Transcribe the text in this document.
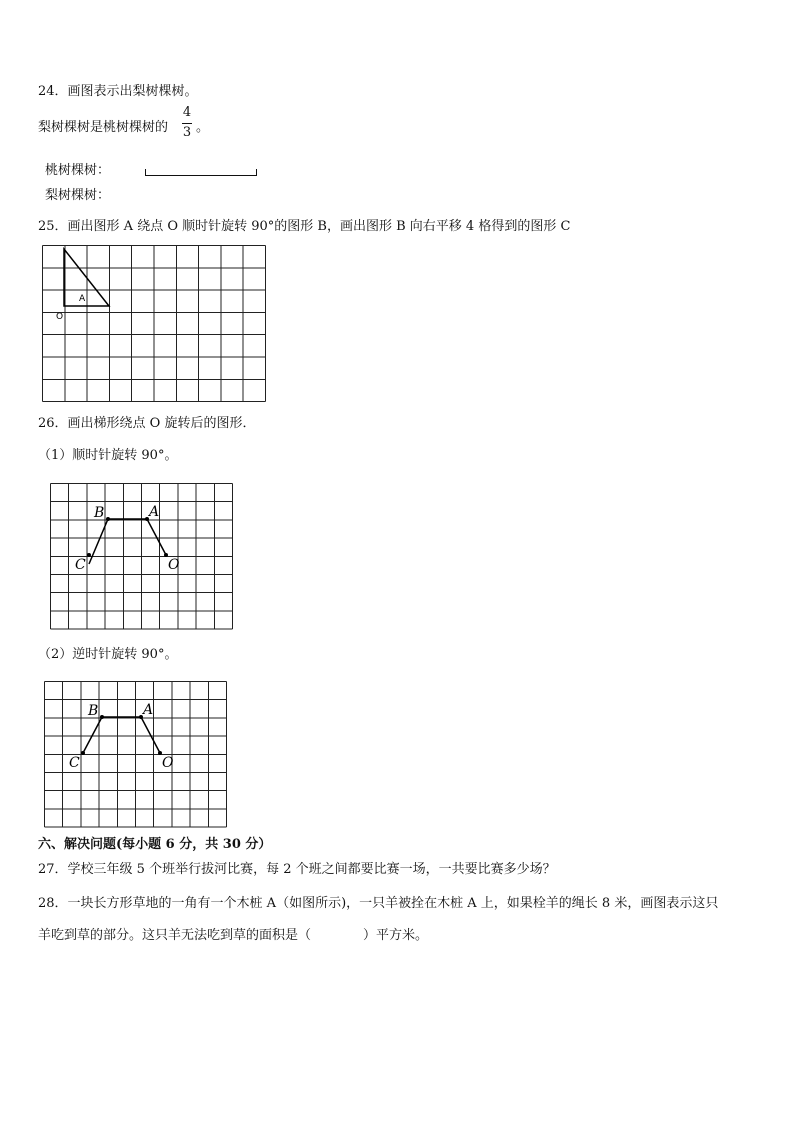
24．画图表示出梨树棵树。
梨树棵树是桃树棵树的
4
3 。
桃树棵树：
梨树棵树：
25．画出图形 A 绕点 O 顺时针旋转 90°的图形 B，画出图形 B 向右平移 4 格得到的图形 C
A
O
26．画出梯形绕点 O 旋转后的图形．
（1）顺时针旋转 90°。
B	A
C	O
（2）逆时针旋转 90°。
B	A
C	O
六、解决问题(每小题 6 分，共 30 分）
27．学校三年级 5 个班举行拔河比赛，每 2 个班之间都要比赛一场，一共要比赛多少场？
28．一块长方形草地的一角有一个木桩 A（如图所示)，一只羊被拴在木桩 A 上，如果栓羊的绳长 8 米，画图表示这只
羊吃到草的部分。这只羊无法吃到草的面积是（　　　　）平方米。
